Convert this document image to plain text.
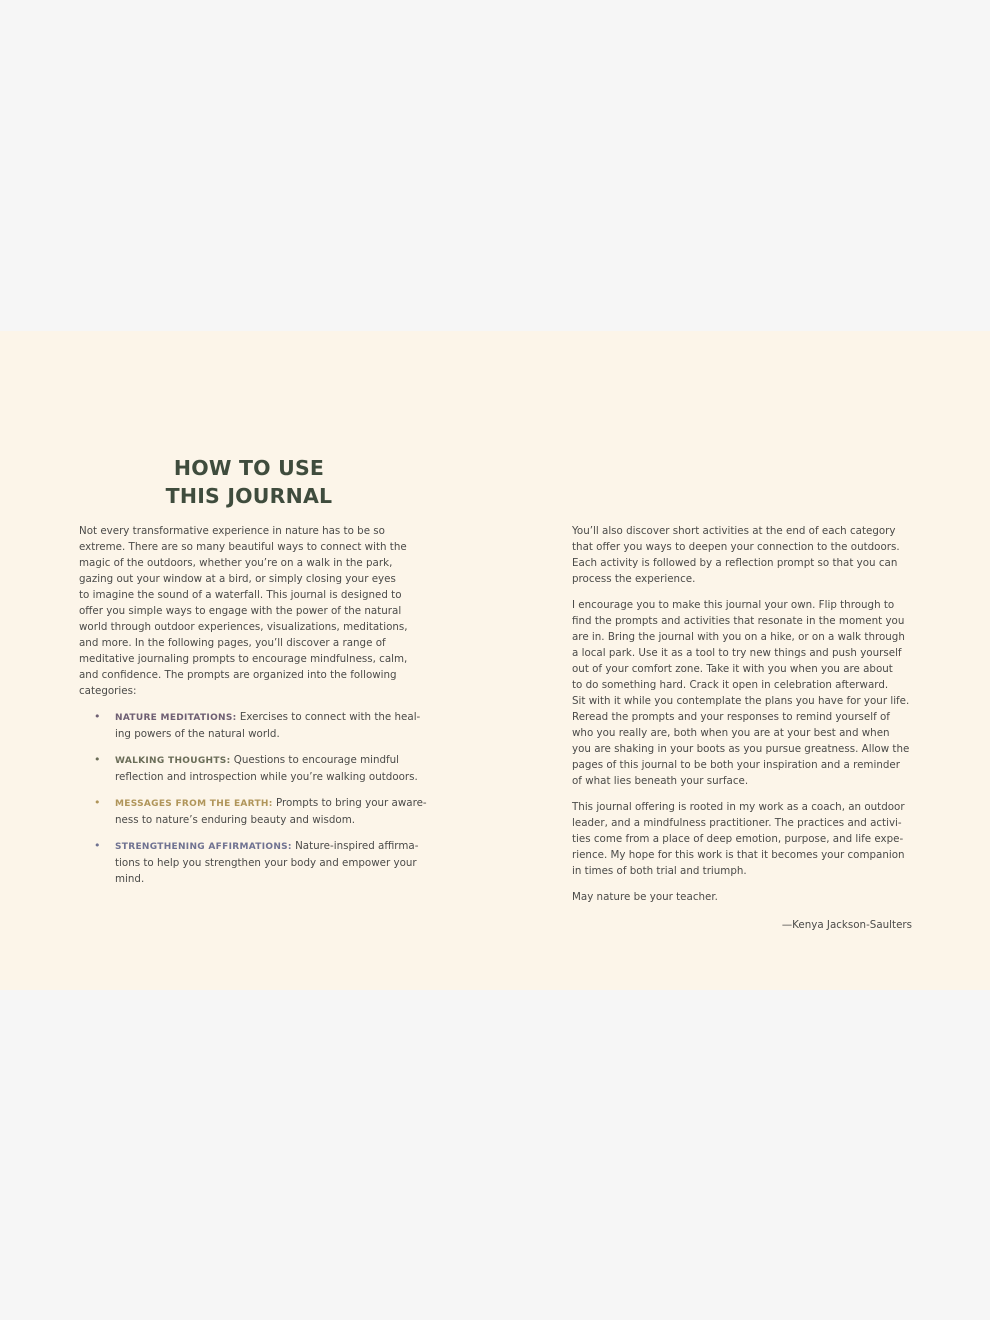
HOW TO USE
THIS JOURNAL
Not every transformative experience in nature has to be so
extreme. There are so many beautiful ways to connect with the
magic of the outdoors, whether you’re on a walk in the park,
gazing out your window at a bird, or simply closing your eyes
to imagine the sound of a waterfall. This journal is designed to
offer you simple ways to engage with the power of the natural
world through outdoor experiences, visualizations, meditations,
and more. In the following pages, you’ll discover a range of
meditative journaling prompts to encourage mindfulness, calm,
and confidence. The prompts are organized into the following
categories:
• NATURE MEDITATIONS: Exercises to connect with the heal-
ing powers of the natural world.
• WALKING THOUGHTS: Questions to encourage mindful
reflection and introspection while you’re walking outdoors.
• MESSAGES FROM THE EARTH: Prompts to bring your aware-
ness to nature’s enduring beauty and wisdom.
• STRENGTHENING AFFIRMATIONS: Nature-inspired affirma-
tions to help you strengthen your body and empower your
mind.
You’ll also discover short activities at the end of each category
that offer you ways to deepen your connection to the outdoors.
Each activity is followed by a reflection prompt so that you can
process the experience.
I encourage you to make this journal your own. Flip through to
find the prompts and activities that resonate in the moment you
are in. Bring the journal with you on a hike, or on a walk through
a local park. Use it as a tool to try new things and push yourself
out of your comfort zone. Take it with you when you are about
to do something hard. Crack it open in celebration afterward.
Sit with it while you contemplate the plans you have for your life.
Reread the prompts and your responses to remind yourself of
who you really are, both when you are at your best and when
you are shaking in your boots as you pursue greatness. Allow the
pages of this journal to be both your inspiration and a reminder
of what lies beneath your surface.
This journal offering is rooted in my work as a coach, an outdoor
leader, and a mindfulness practitioner. The practices and activi-
ties come from a place of deep emotion, purpose, and life expe-
rience. My hope for this work is that it becomes your companion
in times of both trial and triumph.
May nature be your teacher.
—Kenya Jackson-Saulters
